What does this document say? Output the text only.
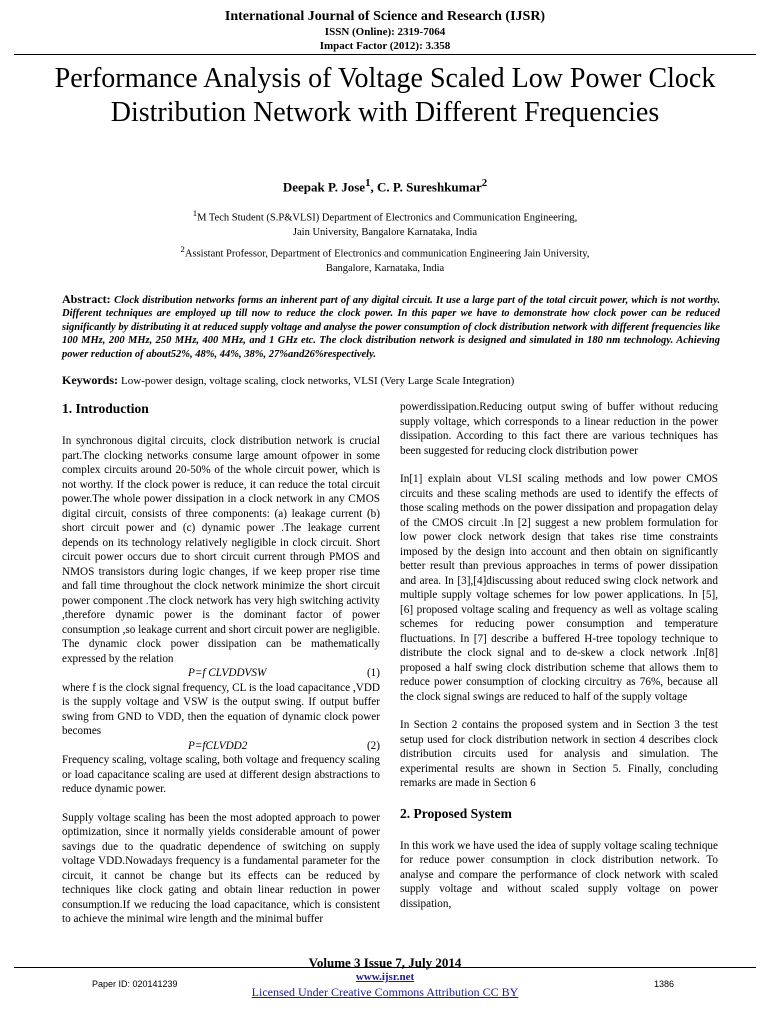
International Journal of Science and Research (IJSR)
ISSN (Online): 2319-7064
Impact Factor (2012): 3.358
Performance Analysis of Voltage Scaled Low Power Clock Distribution Network with Different Frequencies
Deepak P. Jose$^1$, C. P. Sureshkumar$^2$
$^1$M Tech Student (S.P&VLSI) Department of Electronics and Communication Engineering,
Jain University, Bangalore Karnataka, India
$^2$Assistant Professor, Department of Electronics and communication Engineering Jain University,
Bangalore, Karnataka, India
Abstract: Clock distribution networks forms an inherent part of any digital circuit. It use a large part of the total circuit power, which is not worthy. Different techniques are employed up till now to reduce the clock power. In this paper we have to demonstrate how clock power can be reduced significantly by distributing it at reduced supply voltage and analyse the power consumption of clock distribution network with different frequencies like 100 MHz, 200 MHz, 250 MHz, 400 MHz, and 1 GHz etc. The clock distribution network is designed and simulated in 180 nm technology. Achieving power reduction of about52%, 48%, 44%, 38%, 27%and26%respectively.
Keywords: Low-power design, voltage scaling, clock networks, VLSI (Very Large Scale Integration)
1. Introduction

In synchronous digital circuits, clock distribution network is crucial part.The clocking networks consume large amount ofpower in some complex circuits around 20-50% of the whole circuit power, which is not worthy. If the clock power is reduce, it can reduce the total circuit power.The whole power dissipation in a clock network in any CMOS digital circuit, consists of three components: (a) leakage current (b) short circuit power and (c) dynamic power .The leakage current depends on its technology relatively negligible in clock circuit. Short circuit power occurs due to short circuit current through PMOS and NMOS transistors during logic changes, if we keep proper rise time and fall time throughout the clock network minimize the short circuit power component .The clock network has very high switching activity ,therefore dynamic power is the dominant factor of power consumption ,so leakage current and short circuit power are negligible. The dynamic clock power dissipation can be mathematically expressed by the relation

P=f CLVDDVSW	(1)

where f is the clock signal frequency, CL is the load capacitance ,VDD is the supply voltage and VSW is the output swing. If output buffer swing from GND to VDD, then the equation of dynamic clock power becomes

P=fCLVDD2	(2)

Frequency scaling, voltage scaling, both voltage and frequency scaling or load capacitance scaling are used at different design abstractions to reduce dynamic power.

Supply voltage scaling has been the most adopted approach to power optimization, since it normally yields considerable amount of power savings due to the quadratic dependence of switching on supply voltage VDD.Nowadays frequency is a fundamental parameter for the circuit, it cannot be change but its effects can be reduced by techniques like clock gating and obtain linear reduction in power consumption.If we reducing the load capacitance, which is consistent to achieve the minimal wire length and the minimal buffer

powerdissipation.Reducing output swing of buffer without reducing supply voltage, which corresponds to a linear reduction in the power dissipation. According to this fact there are various techniques has been suggested for reducing clock distribution power

In[1] explain about VLSI scaling methods and low power CMOS circuits and these scaling methods are used to identify the effects of those scaling methods on the power dissipation and propagation delay of the CMOS circuit .In [2] suggest a new problem formulation for low power clock network design that takes rise time constraints imposed by the design into account and then obtain on significantly better result than previous approaches in terms of power dissipation and area. In [3],[4]discussing about reduced swing clock network and multiple supply voltage schemes for low power applications. In [5], [6] proposed voltage scaling and frequency as well as voltage scaling schemes for reducing power consumption and temperature fluctuations. In [7] describe a buffered H-tree topology technique to distribute the clock signal and to de-skew a clock network .In[8] proposed a half swing clock distribution scheme that allows them to reduce power consumption of clocking circuitry as 76%, because all the clock signal swings are reduced to half of the supply voltage

In Section 2 contains the proposed system and in Section 3 the test setup used for clock distribution network in section 4 describes clock distribution circuits used for analysis and simulation. The experimental results are shown in Section 5. Finally, concluding remarks are made in Section 6

2. Proposed System

In this work we have used the idea of supply voltage scaling technique for reduce power consumption in clock distribution network. To analyse and compare the performance of clock network with scaled supply voltage and without scaled supply voltage on power dissipation,

Volume 3 Issue 7, July 2014
www.ijsr.net
Licensed Under Creative Commons Attribution CC BY
Paper ID: 020141239	1386
